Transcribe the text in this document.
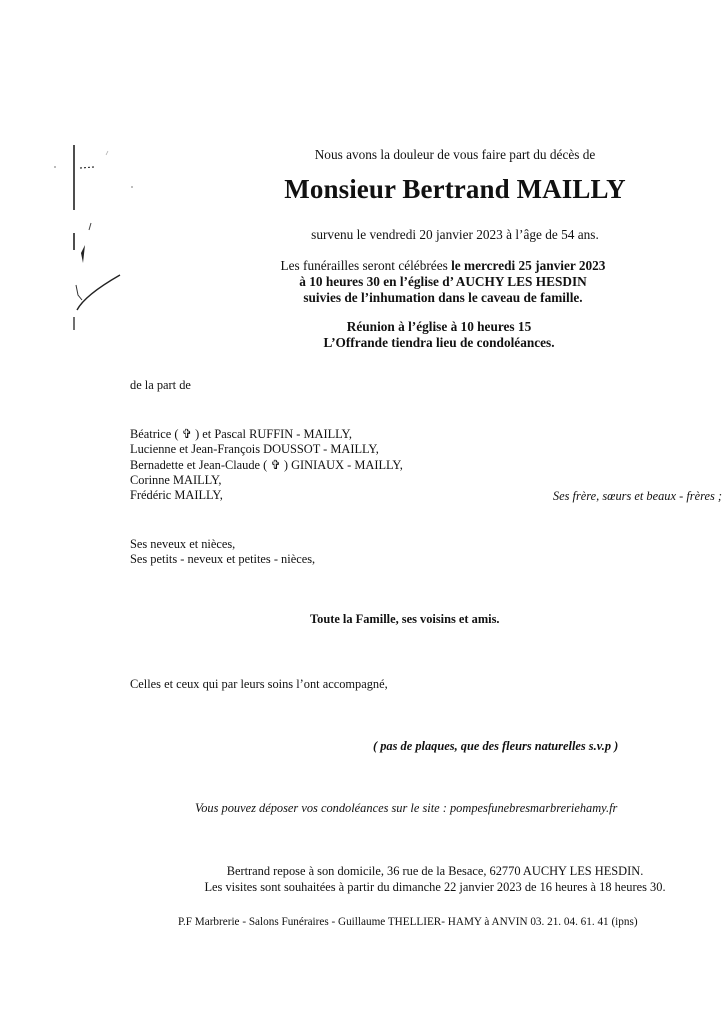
Nous avons la douleur de vous faire part du décès de
Monsieur Bertrand MAILLY
survenu le vendredi 20 janvier 2023 à l’âge de 54 ans.
Les funérailles seront célébrées le mercredi 25 janvier 2023
à 10 heures 30 en l’église d’ AUCHY LES HESDIN
suivies de l’inhumation dans le caveau de famille.
Réunion à l’église à 10 heures 15
L’Offrande tiendra lieu de condoléances.
de la part de
Béatrice ( ✞ ) et Pascal RUFFIN - MAILLY,
Lucienne et Jean-François DOUSSOT - MAILLY,
Bernadette et Jean-Claude ( ✞ ) GINIAUX - MAILLY,
Corinne MAILLY,
Frédéric MAILLY,	Ses frère, sœurs et beaux - frères ;
Ses neveux et nièces,
Ses petits - neveux et petites - nièces,
Toute la Famille, ses voisins et amis.
Celles et ceux qui par leurs soins l’ont accompagné,
( pas de plaques, que des fleurs naturelles s.v.p )
Vous pouvez déposer vos condoléances sur le site : pompesfunebresmarbreriehamy.fr
Bertrand repose à son domicile, 36 rue de la Besace, 62770 AUCHY LES HESDIN.
Les visites sont souhaitées à partir du dimanche 22 janvier 2023 de 16 heures à 18 heures 30.
P.F Marbrerie - Salons Funéraires - Guillaume THELLIER- HAMY à ANVIN 03. 21. 04. 61. 41 (ipns)
